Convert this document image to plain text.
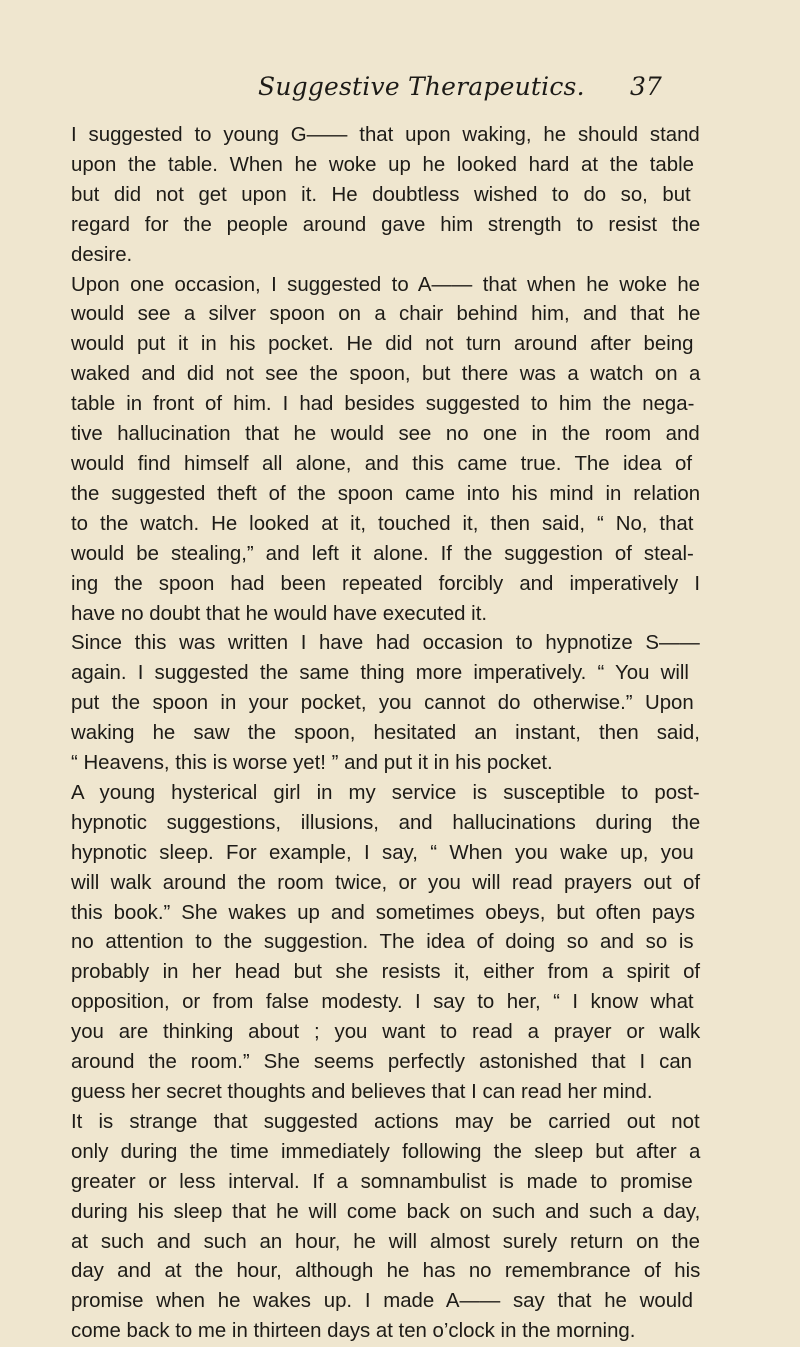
Suggestive Therapeutics. 37

I suggested to young G—— that upon waking, he should stand
upon the table. When he woke up he looked hard at the table
but did not get upon it. He doubtless wished to do so, but
regard for the people around gave him strength to resist the
desire.

Upon one occasion, I suggested to A—— that when he woke he
would see a silver spoon on a chair behind him, and that he
would put it in his pocket. He did not turn around after being
waked and did not see the spoon, but there was a watch on a
table in front of him. I had besides suggested to him the nega-
tive hallucination that he would see no one in the room and
would find himself all alone, and this came true. The idea of
the suggested theft of the spoon came into his mind in relation
to the watch. He looked at it, touched it, then said, “ No, that
would be stealing,” and left it alone. If the suggestion of steal-
ing the spoon had been repeated forcibly and imperatively I
have no doubt that he would have executed it.

Since this was written I have had occasion to hypnotize S——
again. I suggested the same thing more imperatively. “ You will
put the spoon in your pocket, you cannot do otherwise.” Upon
waking he saw the spoon, hesitated an instant, then said,
“ Heavens, this is worse yet! ” and put it in his pocket.

A young hysterical girl in my service is susceptible to post-
hypnotic suggestions, illusions, and hallucinations during the
hypnotic sleep. For example, I say, “ When you wake up, you
will walk around the room twice, or you will read prayers out of
this book.” She wakes up and sometimes obeys, but often pays
no attention to the suggestion. The idea of doing so and so is
probably in her head but she resists it, either from a spirit of
opposition, or from false modesty. I say to her, “ I know what
you are thinking about ; you want to read a prayer or walk
around the room.” She seems perfectly astonished that I can
guess her secret thoughts and believes that I can read her mind.

It is strange that suggested actions may be carried out not
only during the time immediately following the sleep but after a
greater or less interval. If a somnambulist is made to promise
during his sleep that he will come back on such and such a day,
at such and such an hour, he will almost surely return on the
day and at the hour, although he has no remembrance of his
promise when he wakes up. I made A—— say that he would
come back to me in thirteen days at ten o’clock in the morning.
